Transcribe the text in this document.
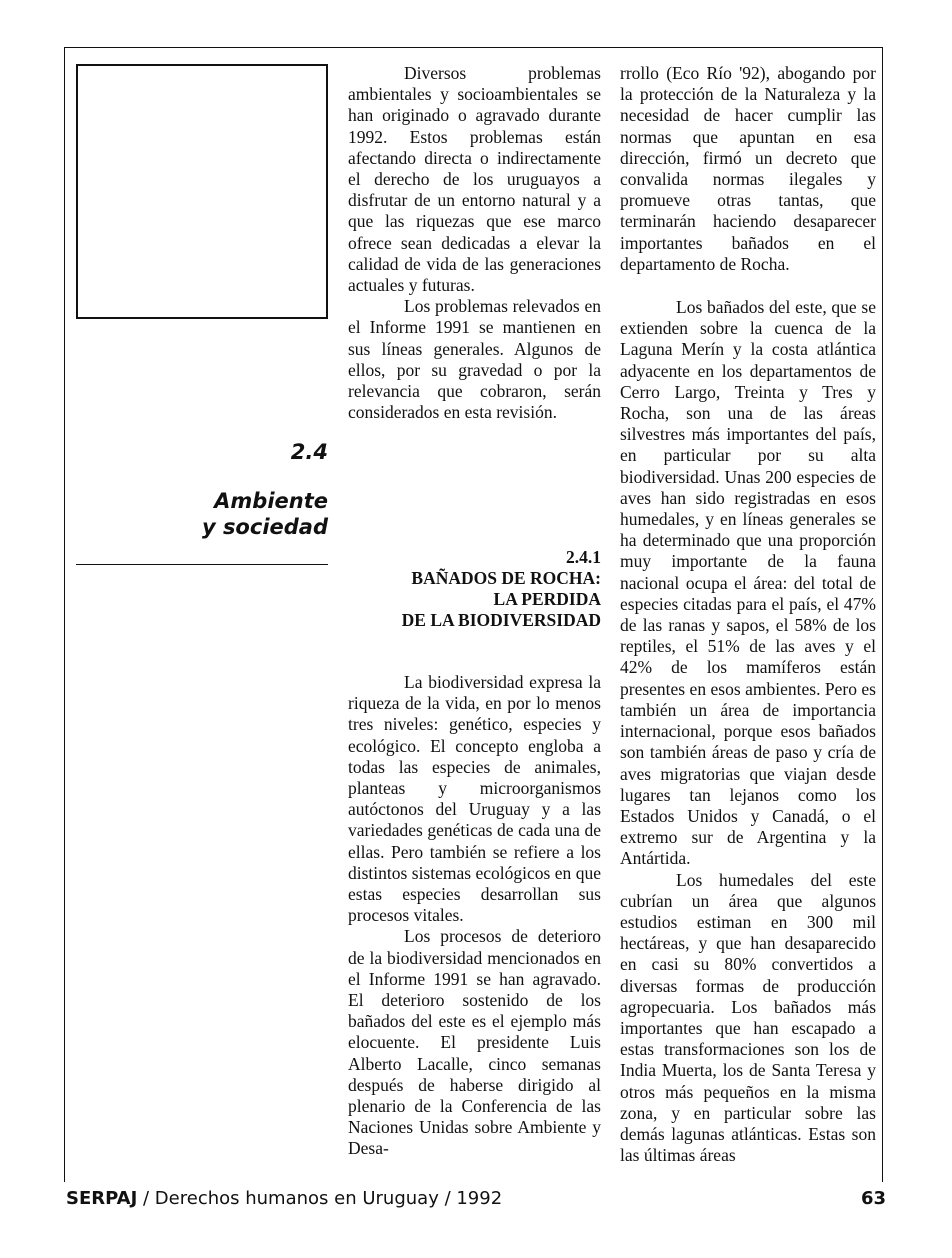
2.4
Ambiente
y sociedad

Diversos problemas ambientales y socioambientales se han originado o agravado durante 1992. Estos problemas están afectando directa o indirectamente el derecho de los uruguayos a disfrutar de un entorno natural y a que las riquezas que ese marco ofrece sean dedicadas a elevar la calidad de vida de las generaciones actuales y futuras.

Los problemas relevados en el Informe 1991 se mantienen en sus líneas generales. Algunos de ellos, por su gravedad o por la relevancia que cobraron, serán considerados en esta revisión.

2.4.1
BAÑADOS DE ROCHA:
LA PERDIDA
DE LA BIODIVERSIDAD

La biodiversidad expresa la riqueza de la vida, en por lo menos tres niveles: genético, especies y ecológico. El concepto engloba a todas las especies de animales, planteas y microorganismos autóctonos del Uruguay y a las variedades genéticas de cada una de ellas. Pero también se refiere a los distintos sistemas ecológicos en que estas especies desarrollan sus procesos vitales.

Los procesos de deterioro de la biodiversidad mencionados en el Informe 1991 se han agravado. El deterioro sostenido de los bañados del este es el ejemplo más elocuente. El presidente Luis Alberto Lacalle, cinco semanas después de haberse dirigido al plenario de la Conferencia de las Naciones Unidas sobre Ambiente y Desa-

rrollo (Eco Río '92), abogando por la protección de la Naturaleza y la necesidad de hacer cumplir las normas que apuntan en esa dirección, firmó un decreto que convalida normas ilegales y promueve otras tantas, que terminarán haciendo desaparecer importantes bañados en el departamento de Rocha.

Los bañados del este, que se extienden sobre la cuenca de la Laguna Merín y la costa atlántica adyacente en los departamentos de Cerro Largo, Treinta y Tres y Rocha, son una de las áreas silvestres más importantes del país, en particular por su alta biodiversidad. Unas 200 especies de aves han sido registradas en esos humedales, y en líneas generales se ha determinado que una proporción muy importante de la fauna nacional ocupa el área: del total de especies citadas para el país, el 47% de las ranas y sapos, el 58% de los reptiles, el 51% de las aves y el 42% de los mamíferos están presentes en esos ambientes. Pero es también un área de importancia internacional, porque esos bañados son también áreas de paso y cría de aves migratorias que viajan desde lugares tan lejanos como los Estados Unidos y Canadá, o el extremo sur de Argentina y la Antártida.

Los humedales del este cubrían un área que algunos estudios estiman en 300 mil hectáreas, y que han desaparecido en casi su 80% convertidos a diversas formas de producción agropecuaria. Los bañados más importantes que han escapado a estas transformaciones son los de India Muerta, los de Santa Teresa y otros más pequeños en la misma zona, y en particular sobre las demás lagunas atlánticas. Estas son las últimas áreas

SERPAJ / Derechos humanos en Uruguay / 1992	63
